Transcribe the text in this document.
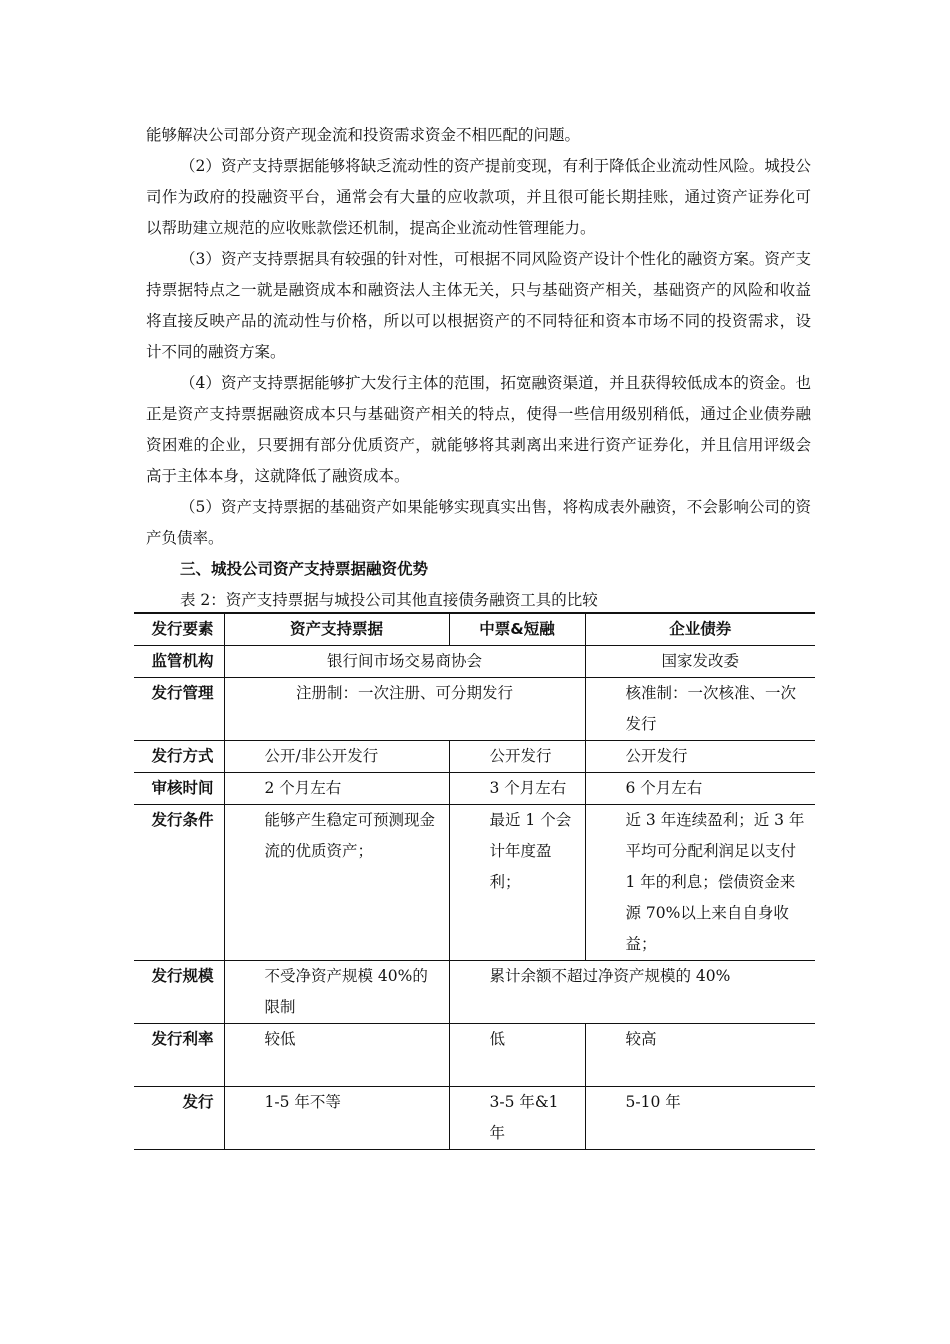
能够解决公司部分资产现金流和投资需求资金不相匹配的问题。

（2）资产支持票据能够将缺乏流动性的资产提前变现，有利于降低企业流动性风险。城投公司作为政府的投融资平台，通常会有大量的应收款项，并且很可能长期挂账，通过资产证券化可以帮助建立规范的应收账款偿还机制，提高企业流动性管理能力。

（3）资产支持票据具有较强的针对性，可根据不同风险资产设计个性化的融资方案。资产支持票据特点之一就是融资成本和融资法人主体无关，只与基础资产相关，基础资产的风险和收益将直接反映产品的流动性与价格，所以可以根据资产的不同特征和资本市场不同的投资需求，设计不同的融资方案。

（4）资产支持票据能够扩大发行主体的范围，拓宽融资渠道，并且获得较低成本的资金。也正是资产支持票据融资成本只与基础资产相关的特点，使得一些信用级别稍低，通过企业债券融资困难的企业，只要拥有部分优质资产，就能够将其剥离出来进行资产证券化，并且信用评级会高于主体本身，这就降低了融资成本。

（5）资产支持票据的基础资产如果能够实现真实出售，将构成表外融资，不会影响公司的资产负债率。

三、城投公司资产支持票据融资优势

表 2：资产支持票据与城投公司其他直接债务融资工具的比较

发行要素	资产支持票据	中票&短融	企业债券
监管机构	银行间市场交易商协会		国家发改委
发行管理	注册制：一次注册、可分期发行		核准制：一次核准、一次发行
发行方式	公开/非公开发行	公开发行	公开发行
审核时间	2 个月左右	3 个月左右	6 个月左右
发行条件	能够产生稳定可预测现金流的优质资产；	最近 1 个会计年度盈利；	近 3 年连续盈利；近 3 年平均可分配利润足以支付 1 年的利息；偿债资金来源 70%以上来自自身收益；
发行规模	不受净资产规模 40%的限制	累计余额不超过净资产规模的 40%	
发行利率	较低	低	较高
发行	1-5 年不等	3-5 年&1 年	5-10 年
